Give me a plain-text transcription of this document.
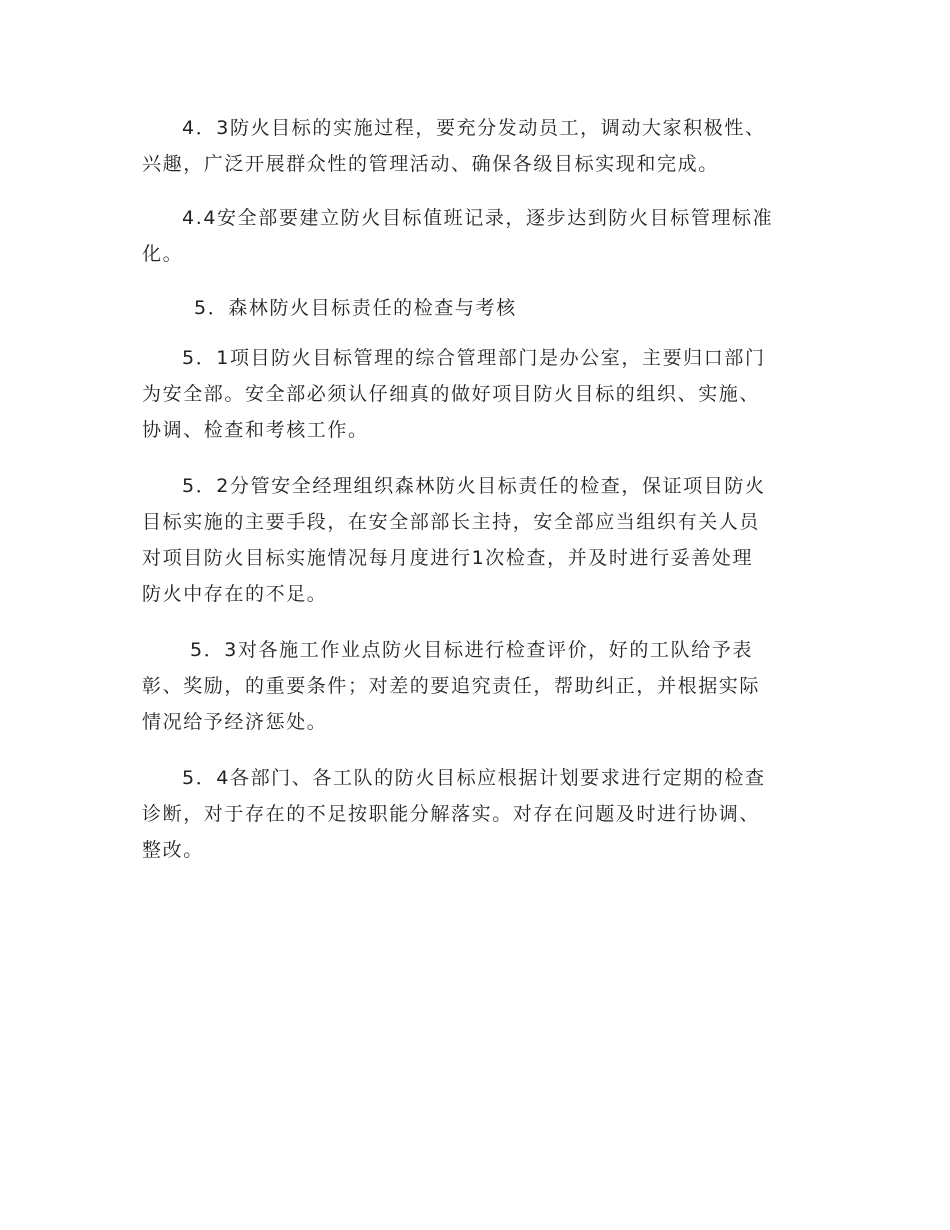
4．3防火目标的实施过程，要充分发动员工，调动大家积极性、
兴趣，广泛开展群众性的管理活动、确保各级目标实现和完成。
4.4安全部要建立防火目标值班记录，逐步达到防火目标管理标准
化。
5．森林防火目标责任的检查与考核
5．1项目防火目标管理的综合管理部门是办公室，主要归口部门
为安全部。安全部必须认仔细真的做好项目防火目标的组织、实施、
协调、检查和考核工作。
5．2分管安全经理组织森林防火目标责任的检查，保证项目防火
目标实施的主要手段，在安全部部长主持，安全部应当组织有关人员
对项目防火目标实施情况每月度进行1次检查，并及时进行妥善处理
防火中存在的不足。
5．3对各施工作业点防火目标进行检查评价，好的工队给予表
彰、奖励，的重要条件；对差的要追究责任，帮助纠正，并根据实际
情况给予经济惩处。
5．4各部门、各工队的防火目标应根据计划要求进行定期的检查
诊断，对于存在的不足按职能分解落实。对存在问题及时进行协调、
整改。
